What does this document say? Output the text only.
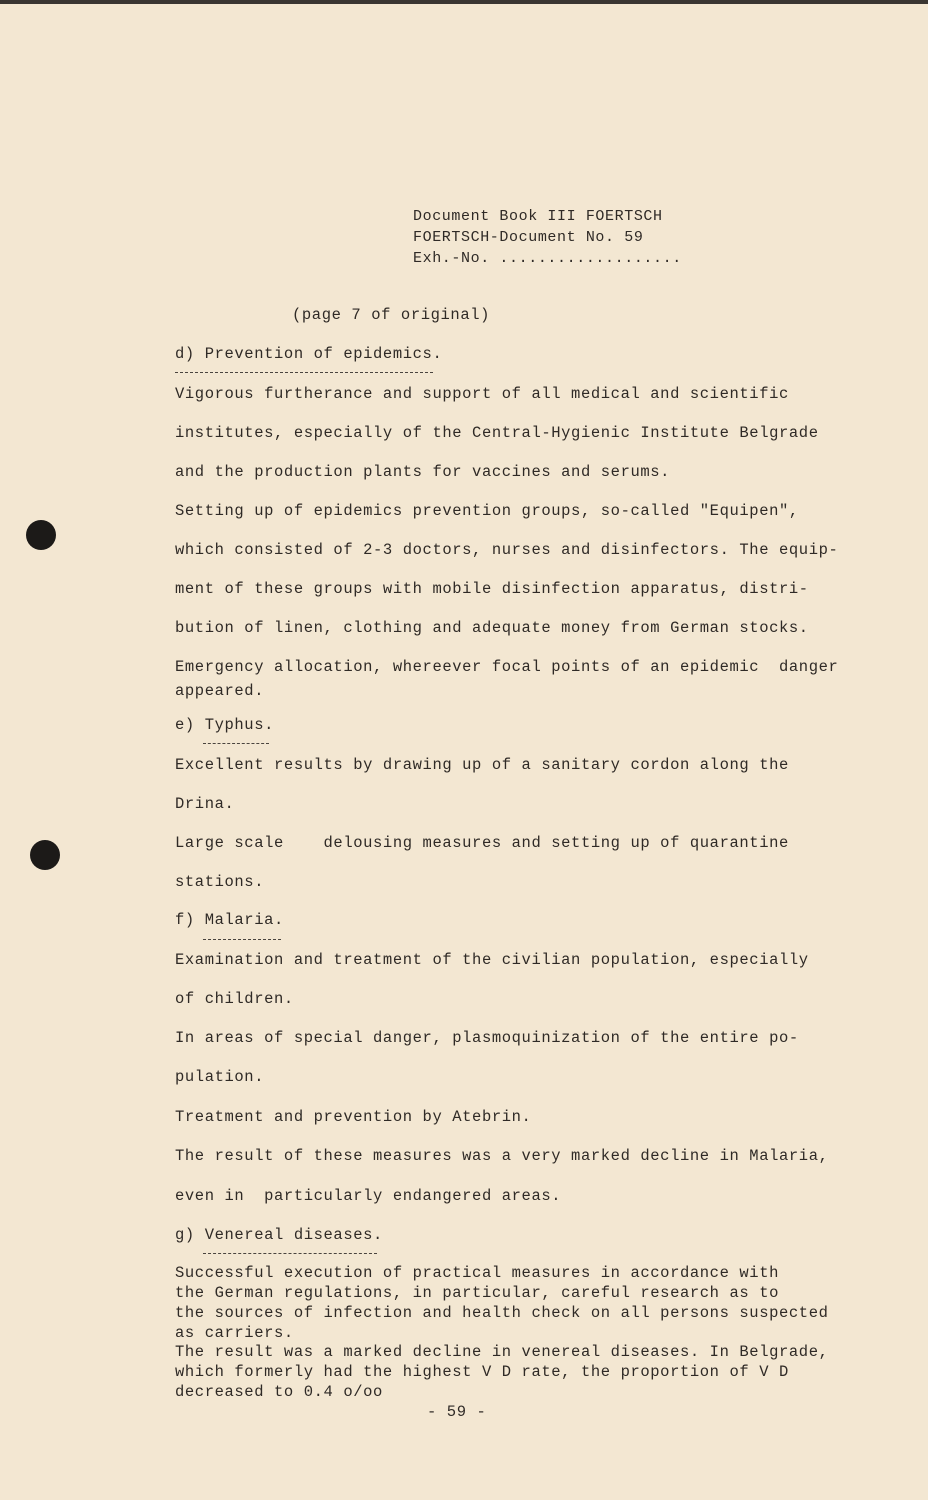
Document Book III FOERTSCH
FOERTSCH-Document No. 59
Exh.-No. ...................
(page 7 of original)
d) Prevention of epidemics.
Vigorous furtherance and support of all medical and scientific
institutes, especially of the Central-Hygienic Institute Belgrade
and the production plants for vaccines and serums.
Setting up of epidemics prevention groups, so-called "Equipen",
which consisted of 2-3 doctors, nurses and disinfectors. The equip-
ment of these groups with mobile disinfection apparatus, distri-
bution of linen, clothing and adequate money from German stocks.
Emergency allocation, whereever focal points of an epidemic  danger
appeared.
e) Typhus.
Excellent results by drawing up of a sanitary cordon along the
Drina.
Large scale    delousing measures and setting up of quarantine
stations.
f) Malaria.
Examination and treatment of the civilian population, especially
of children.
In areas of special danger, plasmoquinization of the entire po-
pulation.
Treatment and prevention by Atebrin.
The result of these measures was a very marked decline in Malaria,
even in  particularly endangered areas.
g) Venereal diseases.
Successful execution of practical measures in accordance with
the German regulations, in particular, careful research as to
the sources of infection and health check on all persons suspected
as carriers.
The result was a marked decline in venereal diseases. In Belgrade,
which formerly had the highest V D rate, the proportion of V D
decreased to 0.4 o/oo
- 59 -
